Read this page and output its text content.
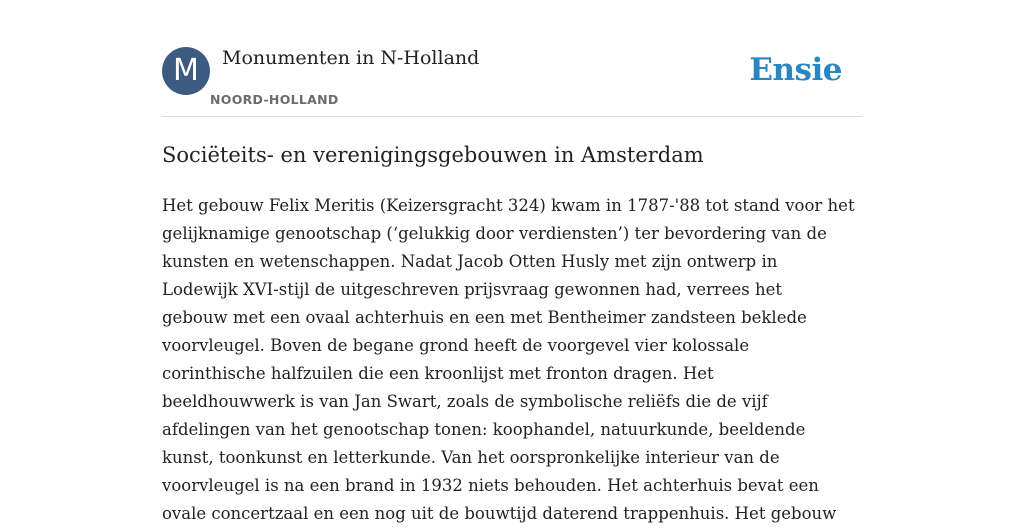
M	Monumenten in N-Holland
NOORD-HOLLAND
Ensie
Sociëteits- en verenigingsgebouwen in Amsterdam
Het gebouw Felix Meritis (Keizersgracht 324) kwam in 1787-'88 tot stand voor het
gelijknamige genootschap (‘gelukkig door verdiensten’) ter bevordering van de
kunsten en wetenschappen. Nadat Jacob Otten Husly met zijn ontwerp in
Lodewijk XVI-stijl de uitgeschreven prijsvraag gewonnen had, verrees het
gebouw met een ovaal achterhuis en een met Bentheimer zandsteen beklede
voorvleugel. Boven de begane grond heeft de voorgevel vier kolossale
corinthische halfzuilen die een kroonlijst met fronton dragen. Het
beeldhouwwerk is van Jan Swart, zoals de symbolische reliëfs die de vijf
afdelingen van het genootschap tonen: koophandel, natuurkunde, beeldende
kunst, toonkunst en letterkunde. Van het oorspronkelijke interieur van de
voorvleugel is na een brand in 1932 niets behouden. Het achterhuis bevat een
ovale concertzaal en een nog uit de bouwtijd daterend trappenhuis. Het gebouw
